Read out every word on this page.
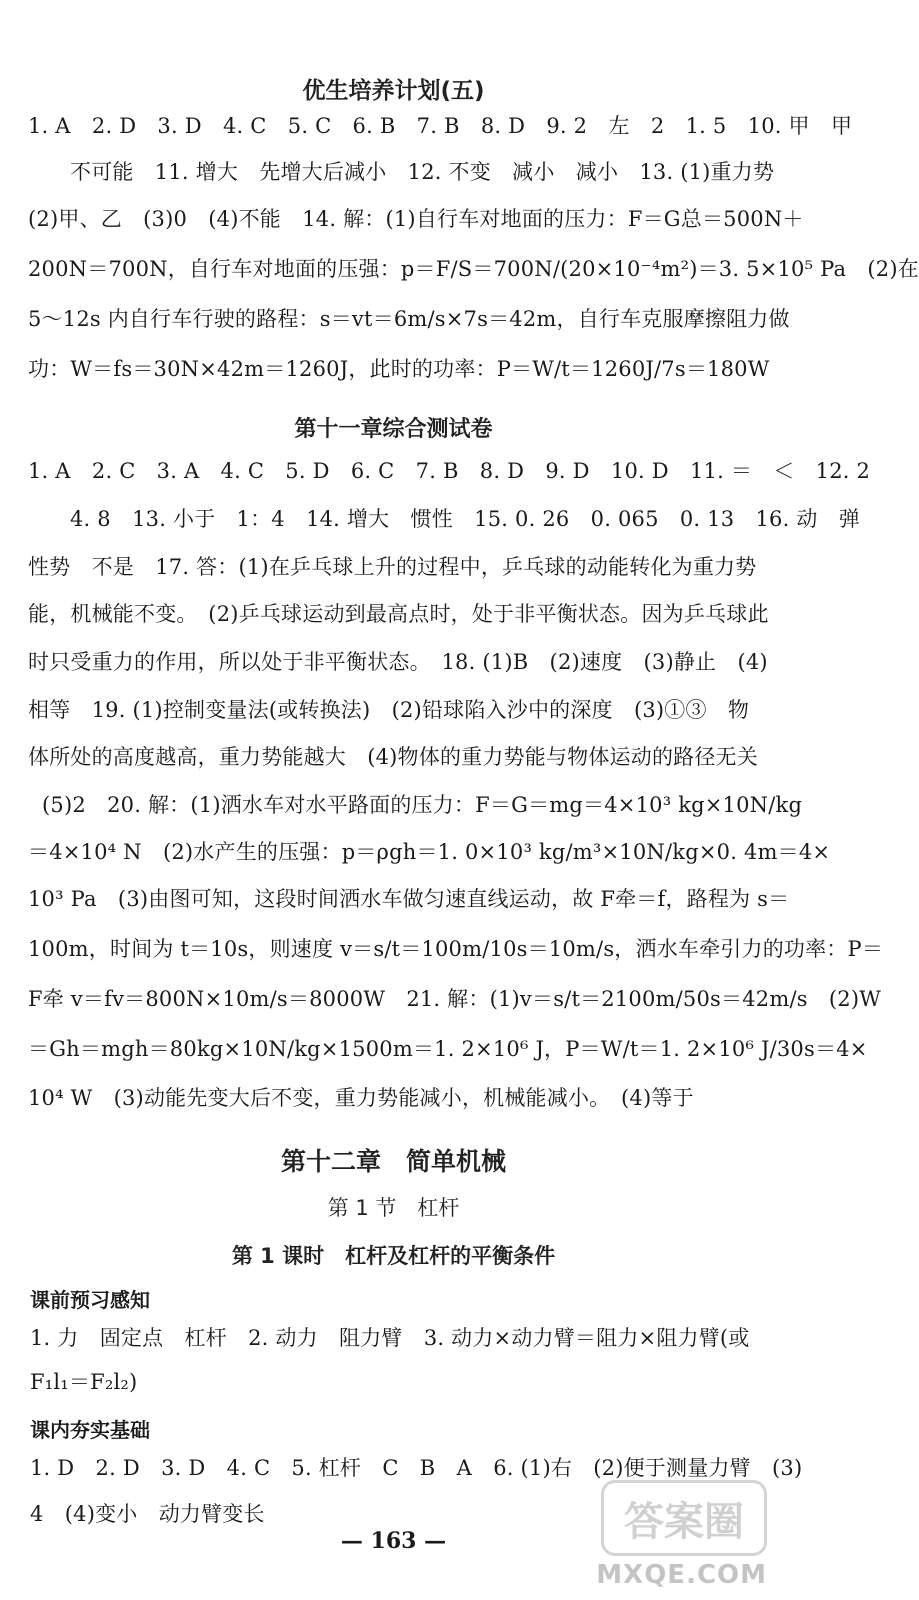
优生培养计划(五)
1. A　2. D　3. D　4. C　5. C　6. B　7. B　8. D　9. 2　左　2　1. 5　10. 甲　甲
不可能　11. 增大　先增大后减小　12. 不变　减小　减小　13. (1)重力势
(2)甲、乙　(3)0　(4)不能　14. 解：(1)自行车对地面的压力：F＝G总＝500N＋
200N＝700N，自行车对地面的压强：p＝F/S＝700N/(20×10⁻⁴m²)＝3. 5×10⁵ Pa　(2)在
5～12s 内自行车行驶的路程：s＝vt＝6m/s×7s＝42m，自行车克服摩擦阻力做
功：W＝fs＝30N×42m＝1260J，此时的功率：P＝W/t＝1260J/7s＝180W
第十一章综合测试卷
1. A　2. C　3. A　4. C　5. D　6. C　7. B　8. D　9. D　10. D　11. ＝　＜　12. 2
4. 8　13. 小于　1：4　14. 增大　惯性　15. 0. 26　0. 065　0. 13　16. 动　弹
性势　不是　17. 答：(1)在乒乓球上升的过程中，乒乓球的动能转化为重力势
能，机械能不变。　(2)乒乓球运动到最高点时，处于非平衡状态。因为乒乓球此
时只受重力的作用，所以处于非平衡状态。　18. (1)B　(2)速度　(3)静止　(4)
相等　19. (1)控制变量法(或转换法)　(2)铅球陷入沙中的深度　(3)①③　物
体所处的高度越高，重力势能越大　(4)物体的重力势能与物体运动的路径无关
(5)2　20. 解：(1)洒水车对水平路面的压力：F＝G＝mg＝4×10³ kg×10N/kg
＝4×10⁴ N　(2)水产生的压强：p＝ρgh＝1. 0×10³ kg/m³×10N/kg×0. 4m＝4×
10³ Pa　(3)由图可知，这段时间洒水车做匀速直线运动，故 F牵＝f，路程为 s＝
100m，时间为 t＝10s，则速度 v＝s/t＝100m/10s＝10m/s，洒水车牵引力的功率：P＝
F牵 v＝fv＝800N×10m/s＝8000W　21. 解：(1)v＝s/t＝2100m/50s＝42m/s　(2)W
＝Gh＝mgh＝80kg×10N/kg×1500m＝1. 2×10⁶ J，P＝W/t＝1. 2×10⁶ J/30s＝4×
10⁴ W　(3)动能先变大后不变，重力势能减小，机械能减小。　(4)等于
第十二章　简单机械
第 1 节　杠杆
第 1 课时　杠杆及杠杆的平衡条件
课前预习感知
1. 力　固定点　杠杆　2. 动力　阻力臂　3. 动力×动力臂＝阻力×阻力臂(或
F₁l₁＝F₂l₂)
课内夯实基础
1. D　2. D　3. D　4. C　5. 杠杆　C　B　A　6. (1)右　(2)便于测量力臂　(3)
4　(4)变小　动力臂变长
— 163 —	答案圈
MXQE.COM
